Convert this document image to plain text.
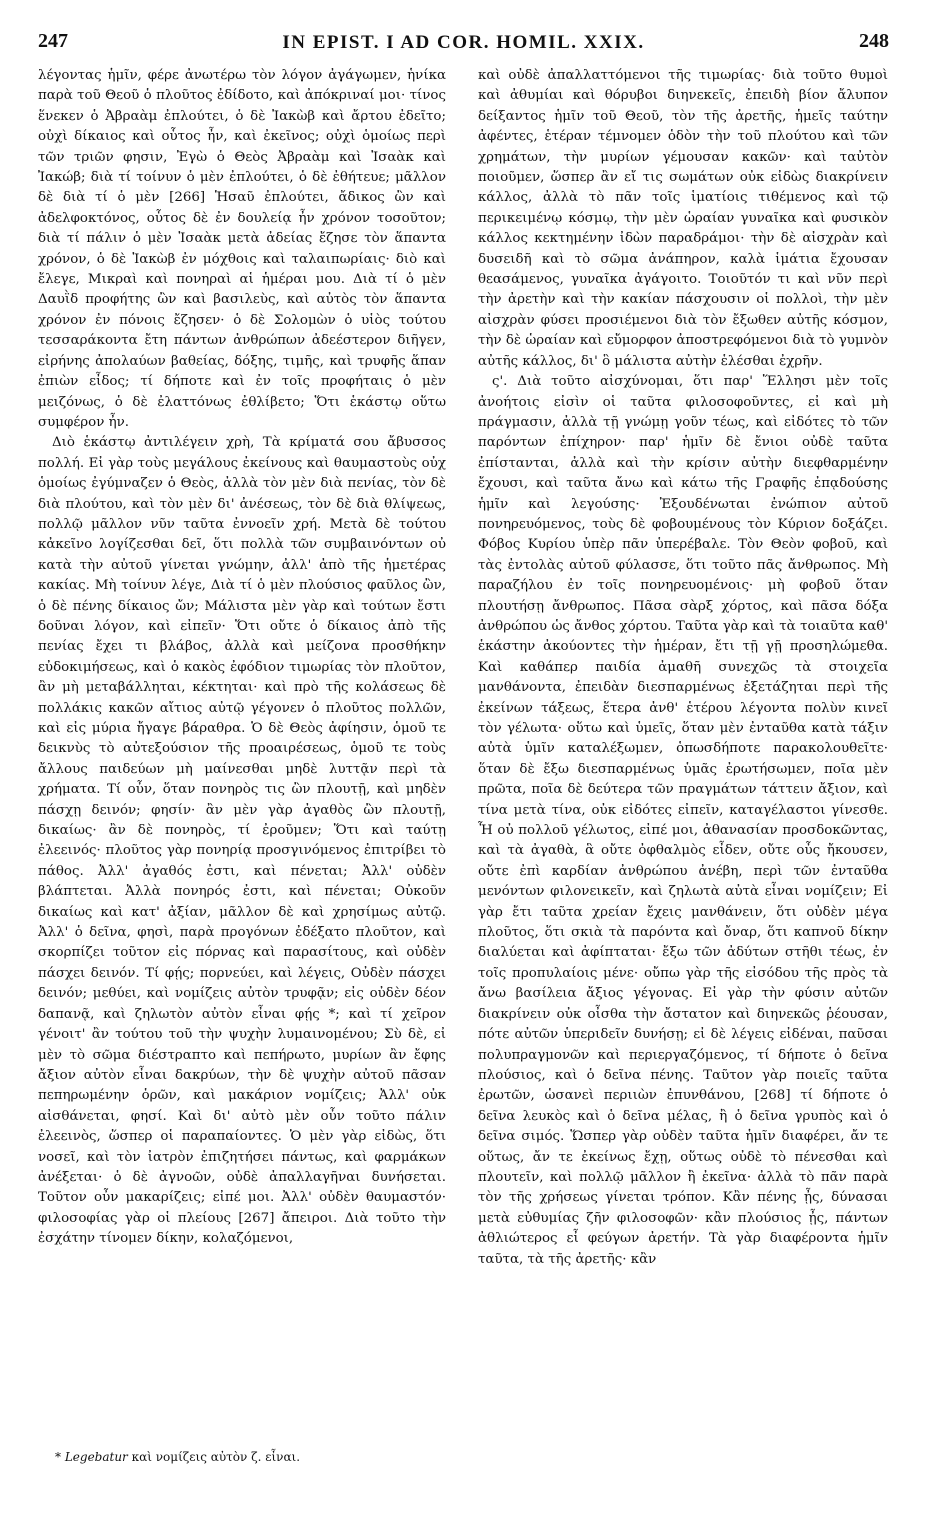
247	IN EPIST. I AD COR. HOMIL. XXIX.	248

λέγοντας ἡμῖν, φέρε ἀνωτέρω τὸν λόγον ἀγάγωμεν, ἡνίκα παρὰ τοῦ Θεοῦ ὁ πλοῦτος ἐδίδοτο, καὶ ἀπόκριναί μοι· τίνος ἕνεκεν ὁ Ἀβραὰμ ἐπλούτει, ὁ δὲ Ἰακὼβ καὶ ἄρτου ἐδεῖτο; οὐχὶ δίκαιος καὶ οὗτος ἦν, καὶ ἐκεῖνος; οὐχὶ ὁμοίως περὶ τῶν τριῶν φησιν, Ἐγὼ ὁ Θεὸς Ἀβραὰμ καὶ Ἰσαὰκ καὶ Ἰακώβ; διὰ τί τοίνυν ὁ μὲν ἐπλούτει, ὁ δὲ ἐθήτευε; μᾶλλον δὲ διὰ τί ὁ μὲν [266] Ἡσαῦ ἐπλούτει, ἄδικος ὢν καὶ ἀδελφοκτόνος, οὗτος δὲ ἐν δουλείᾳ ἦν χρόνον τοσοῦτον; διὰ τί πάλιν ὁ μὲν Ἰσαὰκ μετὰ ἀδείας ἔζησε τὸν ἅπαντα χρόνον, ὁ δὲ Ἰακὼβ ἐν μόχθοις καὶ ταλαιπωρίαις· διὸ καὶ ἔλεγε, Μικραὶ καὶ πονηραὶ αἱ ἡμέραι μου. Διὰ τί ὁ μὲν Δαυῒδ προφήτης ὢν καὶ βασιλεὺς, καὶ αὐτὸς τὸν ἅπαντα χρόνον ἐν πόνοις ἔζησεν· ὁ δὲ Σολομὼν ὁ υἱὸς τούτου τεσσαράκοντα ἔτη πάντων ἀνθρώπων ἀδεέστερον διῆγεν, εἰρήνης ἀπολαύων βαθείας, δόξης, τιμῆς, καὶ τρυφῆς ἅπαν ἐπιὼν εἶδος; τί δήποτε καὶ ἐν τοῖς προφήταις ὁ μὲν μειζόνως, ὁ δὲ ἐλαττόνως ἐθλίβετο; Ὅτι ἑκάστῳ οὕτω συμφέρον ἦν.

Διὸ ἑκάστῳ ἀντιλέγειν χρὴ, Τὰ κρίματά σου ἄβυσσος πολλή. Εἰ γὰρ τοὺς μεγάλους ἐκείνους καὶ θαυμαστοὺς οὐχ ὁμοίως ἐγύμναζεν ὁ Θεὸς, ἀλλὰ τὸν μὲν διὰ πενίας, τὸν δὲ διὰ πλούτου, καὶ τὸν μὲν δι' ἀνέσεως, τὸν δὲ διὰ θλίψεως, πολλῷ μᾶλλον νῦν ταῦτα ἐννοεῖν χρή. Μετὰ δὲ τούτου κἀκεῖνο λογίζεσθαι δεῖ, ὅτι πολλὰ τῶν συμβαινόντων οὐ κατὰ τὴν αὐτοῦ γίνεται γνώμην, ἀλλ' ἀπὸ τῆς ἡμετέρας κακίας. Μὴ τοίνυν λέγε, Διὰ τί ὁ μὲν πλούσιος φαῦλος ὢν, ὁ δὲ πένης δίκαιος ὤν; Μάλιστα μὲν γὰρ καὶ τούτων ἔστι δοῦναι λόγον, καὶ εἰπεῖν· Ὅτι οὔτε ὁ δίκαιος ἀπὸ τῆς πενίας ἔχει τι βλάβος, ἀλλὰ καὶ μείζονα προσθήκην εὐδοκιμήσεως, καὶ ὁ κακὸς ἐφόδιον τιμωρίας τὸν πλοῦτον, ἂν μὴ μεταβάλληται, κέκτηται· καὶ πρὸ τῆς κολάσεως δὲ πολλάκις κακῶν αἴτιος αὐτῷ γέγονεν ὁ πλοῦτος πολλῶν, καὶ εἰς μύρια ἤγαγε βάραθρα. Ὁ δὲ Θεὸς ἀφίησιν, ὁμοῦ τε δεικνὺς τὸ αὐτεξούσιον τῆς προαιρέσεως, ὁμοῦ τε τοὺς ἄλλους παιδεύων μὴ μαίνεσθαι μηδὲ λυττᾷν περὶ τὰ χρήματα. Τί οὖν, ὅταν πονηρὸς τις ὢν πλουτῇ, καὶ μηδὲν πάσχῃ δεινόν; φησίν· ἂν μὲν γὰρ ἀγαθὸς ὢν πλουτῇ, δικαίως· ἂν δὲ πονηρὸς, τί ἐροῦμεν; Ὅτι καὶ ταύτῃ ἐλεεινός· πλοῦτος γὰρ πονηρίᾳ προσγινόμενος ἐπιτρίβει τὸ πάθος. Ἀλλ' ἀγαθός ἐστι, καὶ πένεται; Ἀλλ' οὐδὲν βλάπτεται. Ἀλλὰ πονηρός ἐστι, καὶ πένεται; Οὐκοῦν δικαίως καὶ κατ' ἀξίαν, μᾶλλον δὲ καὶ χρησίμως αὐτῷ. Ἀλλ' ὁ δεῖνα, φησὶ, παρὰ προγόνων ἐδέξατο πλοῦτον, καὶ σκορπίζει τοῦτον εἰς πόρνας καὶ παρασίτους, καὶ οὐδὲν πάσχει δεινόν. Τί φῄς; πορνεύει, καὶ λέγεις, Οὐδὲν πάσχει δεινόν; μεθύει, καὶ νομίζεις αὐτὸν τρυφᾷν; εἰς οὐδὲν δέον δαπανᾷ, καὶ ζηλωτὸν αὐτὸν εἶναι φῄς *; καὶ τί χεῖρον γένοιτ' ἂν τούτου τοῦ τὴν ψυχὴν λυμαινομένου; Σὺ δὲ, εἰ μὲν τὸ σῶμα διέστραπτο καὶ πεπήρωτο, μυρίων ἂν ἔφης ἄξιον αὐτὸν εἶναι δακρύων, τὴν δὲ ψυχὴν αὐτοῦ πᾶσαν πεπηρωμένην ὁρῶν, καὶ μακάριον νομίζεις; Ἀλλ' οὐκ αἰσθάνεται, φησί. Καὶ δι' αὐτὸ μὲν οὖν τοῦτο πάλιν ἐλεεινὸς, ὥσπερ οἱ παραπαίοντες. Ὁ μὲν γὰρ εἰδὼς, ὅτι νοσεῖ, καὶ τὸν ἰατρὸν ἐπιζητήσει πάντως, καὶ φαρμάκων ἀνέξεται· ὁ δὲ ἀγνοῶν, οὐδὲ ἀπαλλαγῆναι δυνήσεται. Τοῦτον οὖν μακαρίζεις; εἰπέ μοι. Ἀλλ' οὐδὲν θαυμαστόν· φιλοσοφίας γὰρ οἱ πλείους [267] ἄπειροι. Διὰ τοῦτο τὴν ἐσχάτην τίνομεν δίκην, κολαζόμενοι,

καὶ οὐδὲ ἀπαλλαττόμενοι τῆς τιμωρίας· διὰ τοῦτο θυμοὶ καὶ ἀθυμίαι καὶ θόρυβοι διηνεκεῖς, ἐπειδὴ βίον ἄλυπον δείξαντος ἡμῖν τοῦ Θεοῦ, τὸν τῆς ἀρετῆς, ἡμεῖς ταύτην ἀφέντες, ἑτέραν τέμνομεν ὁδὸν τὴν τοῦ πλούτου καὶ τῶν χρημάτων, τὴν μυρίων γέμουσαν κακῶν· καὶ ταὐτὸν ποιοῦμεν, ὥσπερ ἂν εἴ τις σωμάτων οὐκ εἰδὼς διακρίνειν κάλλος, ἀλλὰ τὸ πᾶν τοῖς ἱματίοις τιθέμενος καὶ τῷ περικειμένῳ κόσμῳ, τὴν μὲν ὡραίαν γυναῖκα καὶ φυσικὸν κάλλος κεκτημένην ἰδὼν παραδράμοι· τὴν δὲ αἰσχρὰν καὶ δυσειδῆ καὶ τὸ σῶμα ἀνάπηρον, καλὰ ἱμάτια ἔχουσαν θεασάμενος, γυναῖκα ἀγάγοιτο. Τοιοῦτόν τι καὶ νῦν περὶ τὴν ἀρετὴν καὶ τὴν κακίαν πάσχουσιν οἱ πολλοὶ, τὴν μὲν αἰσχρὰν φύσει προσιέμενοι διὰ τὸν ἔξωθεν αὐτῆς κόσμον, τὴν δὲ ὡραίαν καὶ εὔμορφον ἀποστρεφόμενοι διὰ τὸ γυμνὸν αὐτῆς κάλλος, δι' ὃ μάλιστα αὐτὴν ἑλέσθαι ἐχρῆν.

ς'. Διὰ τοῦτο αἰσχύνομαι, ὅτι παρ' Ἕλλησι μὲν τοῖς ἀνοήτοις εἰσὶν οἱ ταῦτα φιλοσοφοῦντες, εἰ καὶ μὴ πράγμασιν, ἀλλὰ τῇ γνώμῃ γοῦν τέως, καὶ εἰδότες τὸ τῶν παρόντων ἐπίχηρον· παρ' ἡμῖν δὲ ἔνιοι οὐδὲ ταῦτα ἐπίστανται, ἀλλὰ καὶ τὴν κρίσιν αὐτὴν διεφθαρμένην ἔχουσι, καὶ ταῦτα ἄνω καὶ κάτω τῆς Γραφῆς ἐπᾳδούσης ἡμῖν καὶ λεγούσης· Ἐξουδένωται ἐνώπιον αὐτοῦ πονηρευόμενος, τοὺς δὲ φοβουμένους τὸν Κύριον δοξάζει. Φόβος Κυρίου ὑπὲρ πᾶν ὑπερέβαλε. Τὸν Θεὸν φοβοῦ, καὶ τὰς ἐντολὰς αὐτοῦ φύλασσε, ὅτι τοῦτο πᾶς ἄνθρωπος. Μὴ παραζήλου ἐν τοῖς πονηρευομένοις· μὴ φοβοῦ ὅταν πλουτήσῃ ἄνθρωπος. Πᾶσα σὰρξ χόρτος, καὶ πᾶσα δόξα ἀνθρώπου ὡς ἄνθος χόρτου. Ταῦτα γὰρ καὶ τὰ τοιαῦτα καθ' ἑκάστην ἀκούοντες τὴν ἡμέραν, ἔτι τῇ γῇ προσηλώμεθα. Καὶ καθάπερ παιδία ἀμαθῆ συνεχῶς τὰ στοιχεῖα μανθάνοντα, ἐπειδὰν διεσπαρμένως ἐξετάζηται περὶ τῆς ἐκείνων τάξεως, ἕτερα ἀνθ' ἑτέρου λέγοντα πολὺν κινεῖ τὸν γέλωτα· οὕτω καὶ ὑμεῖς, ὅταν μὲν ἐνταῦθα κατὰ τάξιν αὐτὰ ὑμῖν καταλέξωμεν, ὁπωσδήποτε παρακολουθεῖτε· ὅταν δὲ ἔξω διεσπαρμένως ὑμᾶς ἐρωτήσωμεν, ποῖα μὲν πρῶτα, ποῖα δὲ δεύτερα τῶν πραγμάτων τάττειν ἄξιον, καὶ τίνα μετὰ τίνα, οὐκ εἰδότες εἰπεῖν, καταγέλαστοι γίνεσθε. Ἦ οὐ πολλοῦ γέλωτος, εἰπέ μοι, ἀθανασίαν προσδοκῶντας, καὶ τὰ ἀγαθὰ, ἃ οὔτε ὀφθαλμὸς εἶδεν, οὔτε οὖς ἤκουσεν, οὔτε ἐπὶ καρδίαν ἀνθρώπου ἀνέβη, περὶ τῶν ἐνταῦθα μενόντων φιλονεικεῖν, καὶ ζηλωτὰ αὐτὰ εἶναι νομίζειν; Εἰ γὰρ ἔτι ταῦτα χρείαν ἔχεις μανθάνειν, ὅτι οὐδὲν μέγα πλοῦτος, ὅτι σκιὰ τὰ παρόντα καὶ ὄναρ, ὅτι καπνοῦ δίκην διαλύεται καὶ ἀφίπταται· ἔξω τῶν ἀδύτων στῆθι τέως, ἐν τοῖς προπυλαίοις μένε· οὔπω γὰρ τῆς εἰσόδου τῆς πρὸς τὰ ἄνω βασίλεια ἄξιος γέγονας. Εἰ γὰρ τὴν φύσιν αὐτῶν διακρίνειν οὐκ οἶσθα τὴν ἄστατον καὶ διηνεκῶς ῥέουσαν, πότε αὐτῶν ὑπεριδεῖν δυνήσῃ; εἰ δὲ λέγεις εἰδέναι, παῦσαι πολυπραγμονῶν καὶ περιεργαζόμενος, τί δήποτε ὁ δεῖνα πλούσιος, καὶ ὁ δεῖνα πένης. Ταῦτον γὰρ ποιεῖς ταῦτα ἐρωτῶν, ὡσανεὶ περιιὼν ἐπυνθάνου, [268] τί δήποτε ὁ δεῖνα λευκὸς καὶ ὁ δεῖνα μέλας, ἢ ὁ δεῖνα γρυπὸς καὶ ὁ δεῖνα σιμός. Ὥσπερ γὰρ οὐδὲν ταῦτα ἡμῖν διαφέρει, ἄν τε οὕτως, ἄν τε ἐκείνως ἔχῃ, οὕτως οὐδὲ τὸ πένεσθαι καὶ πλουτεῖν, καὶ πολλῷ μᾶλλον ἢ ἐκεῖνα· ἀλλὰ τὸ πᾶν παρὰ τὸν τῆς χρήσεως γίνεται τρόπον. Κἂν πένης ᾖς, δύνασαι μετὰ εὐθυμίας ζῆν φιλοσοφῶν· κἂν πλούσιος ᾖς, πάντων ἀθλιώτερος εἶ φεύγων ἀρετήν. Τὰ γὰρ διαφέροντα ἡμῖν ταῦτα, τὰ τῆς ἀρετῆς· κἂν

* Legebatur καὶ νομίζεις αὐτὸν ζ. εἶναι.
